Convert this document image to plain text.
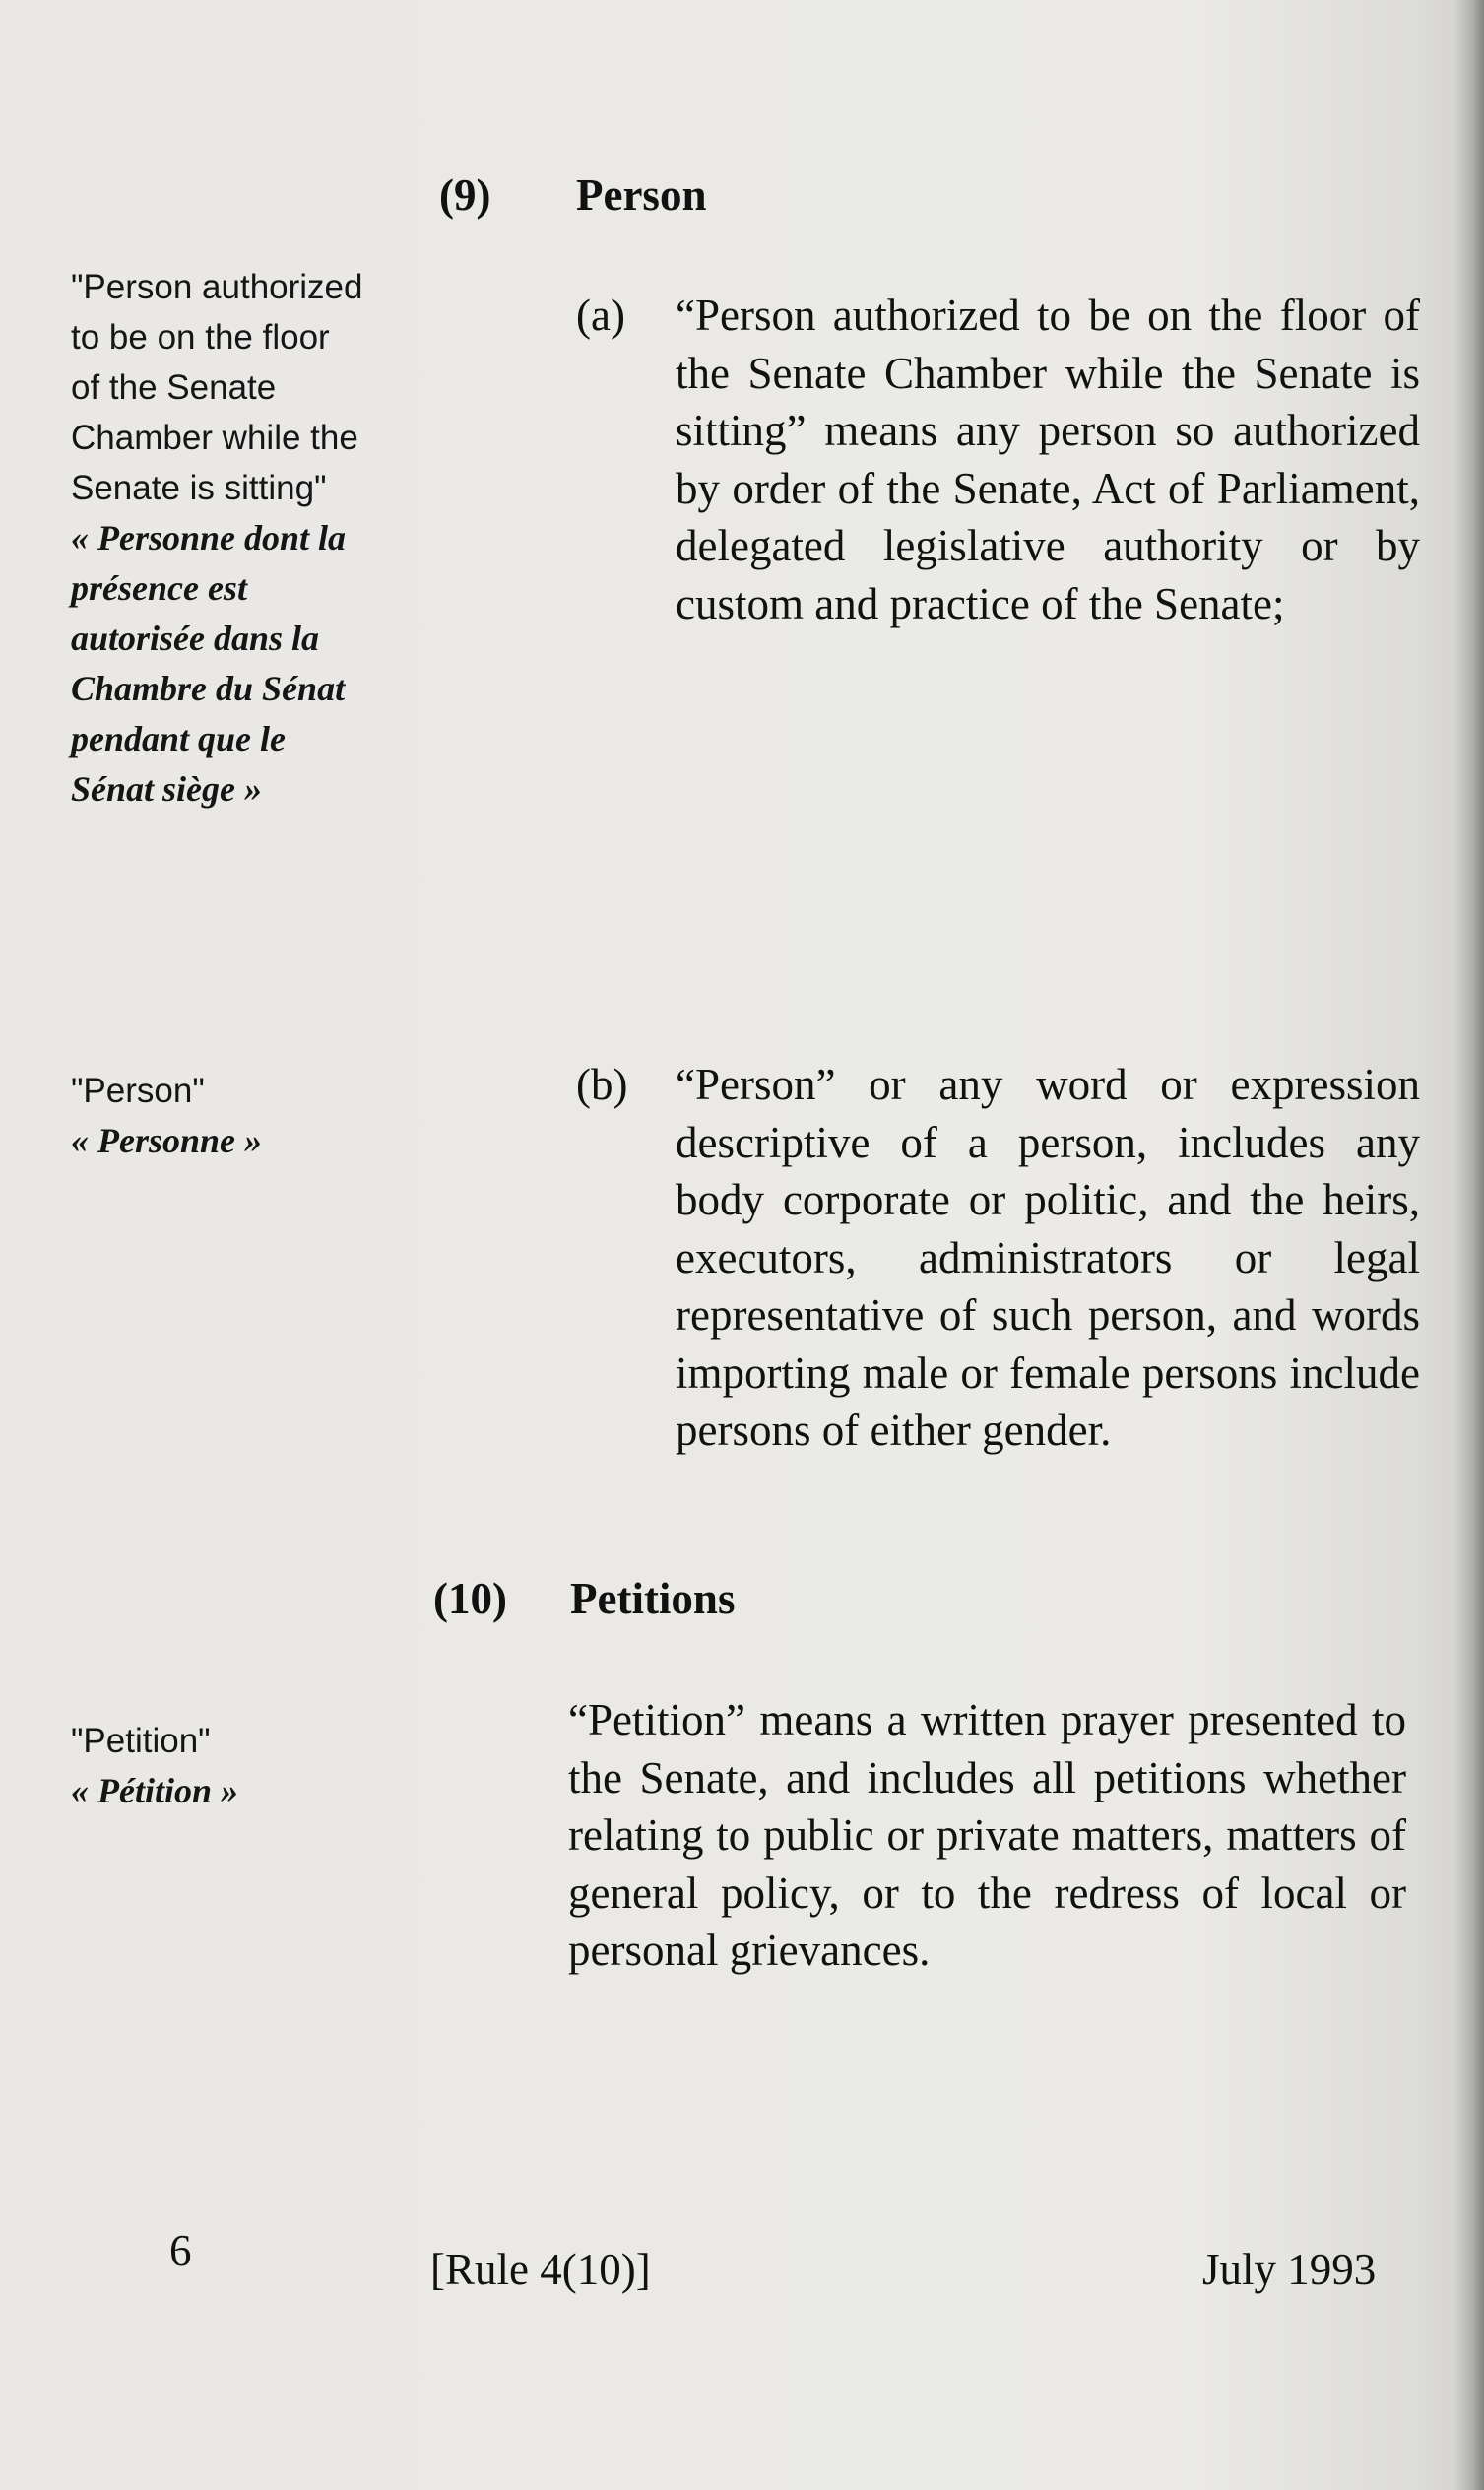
"Person authorized to be on the floor of the Senate Chamber while the Senate is sitting"
« Personne dont la présence est autorisée dans la Chambre du Sénat pendant que le Sénat siège »
"Person"
« Personne »
"Petition"
« Pétition »
(9) Person
(a) “Person authorized to be on the floor of the Senate Chamber while the Senate is sitting” means any person so authorized by order of the Senate, Act of Parliament, delegated legislative authority or by custom and practice of the Senate;
(b) “Person” or any word or expression descriptive of a person, includes any body corporate or politic, and the heirs, executors, administrators or legal representative of such person, and words importing male or female persons include persons of either gender.
(10) Petitions
“Petition” means a written prayer presented to the Senate, and includes all petitions whether relating to public or private matters, matters of general policy, or to the redress of local or personal grievances.
6	[Rule 4(10)]	July 1993
